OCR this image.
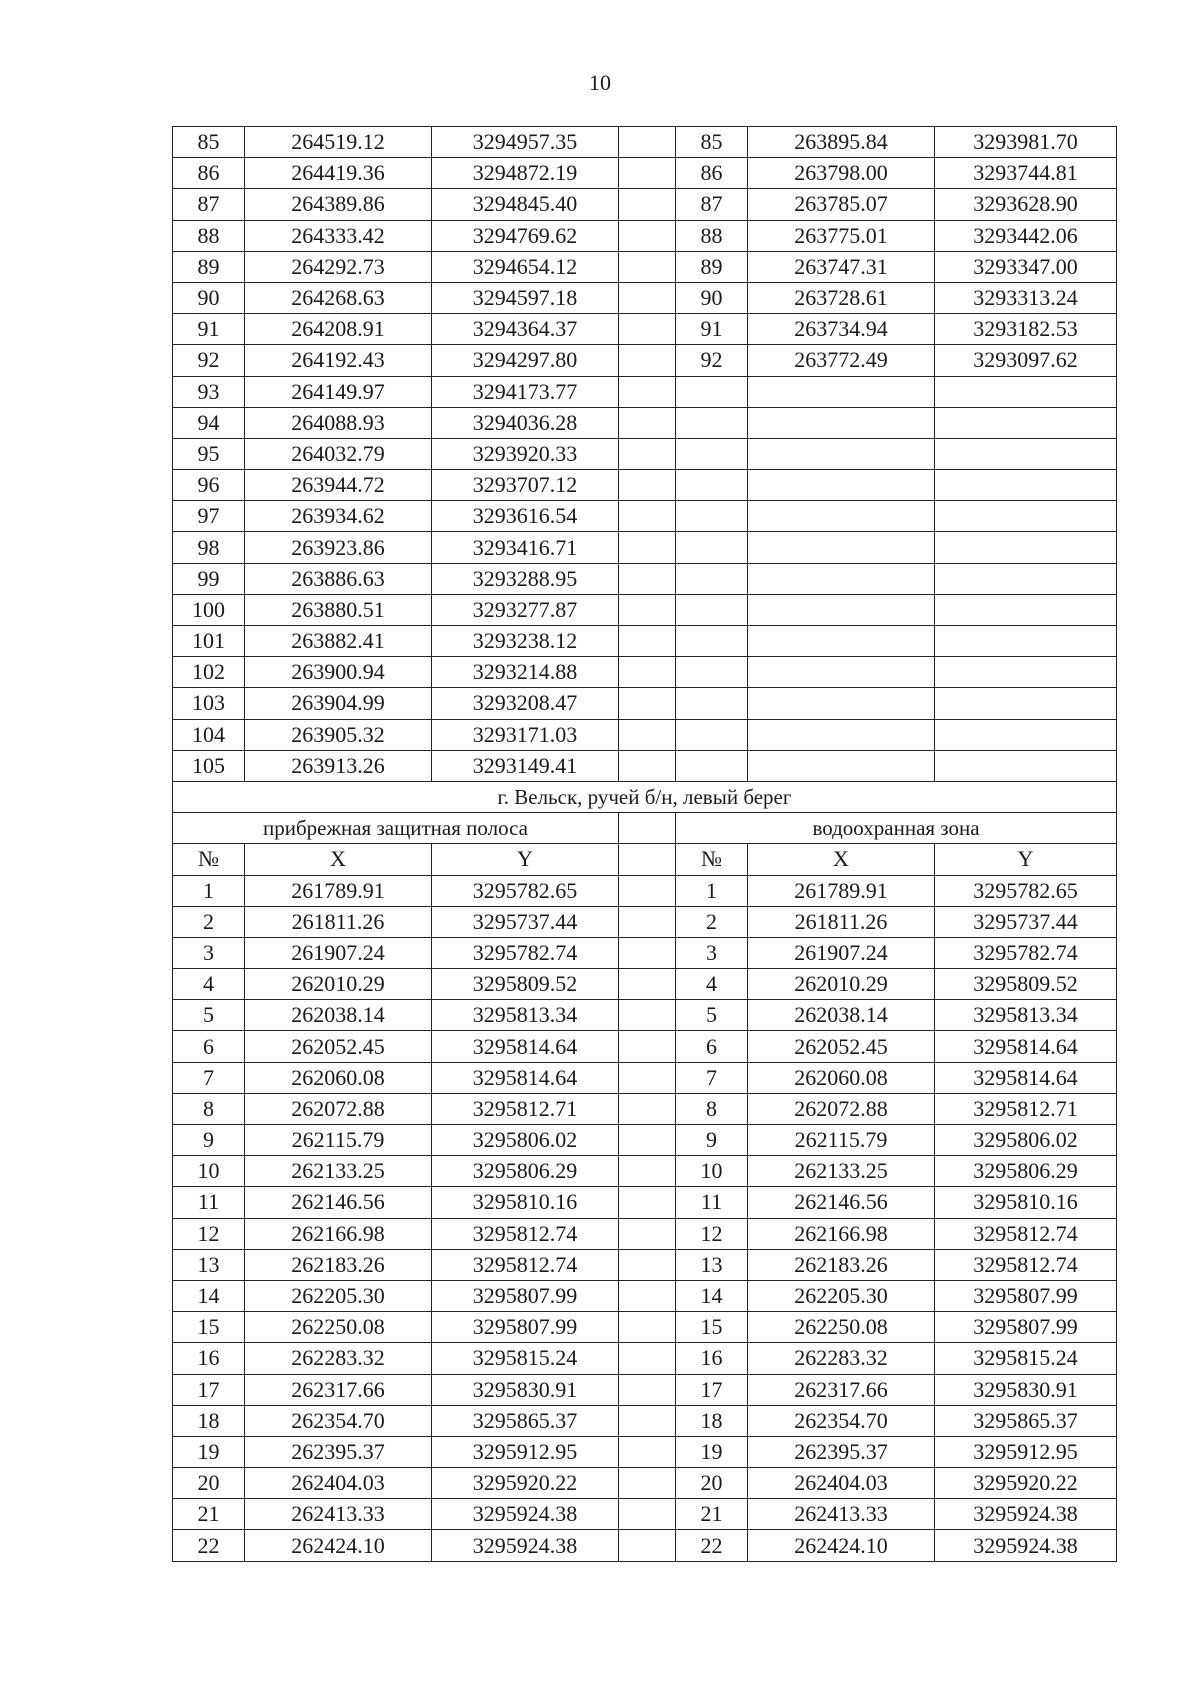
10
85	264519.12	3294957.35		85	263895.84	3293981.70
86	264419.36	3294872.19		86	263798.00	3293744.81
87	264389.86	3294845.40		87	263785.07	3293628.90
88	264333.42	3294769.62		88	263775.01	3293442.06
89	264292.73	3294654.12		89	263747.31	3293347.00
90	264268.63	3294597.18		90	263728.61	3293313.24
91	264208.91	3294364.37		91	263734.94	3293182.53
92	264192.43	3294297.80		92	263772.49	3293097.62
93	264149.97	3294173.77				
94	264088.93	3294036.28				
95	264032.79	3293920.33				
96	263944.72	3293707.12				
97	263934.62	3293616.54				
98	263923.86	3293416.71				
99	263886.63	3293288.95				
100	263880.51	3293277.87				
101	263882.41	3293238.12				
102	263900.94	3293214.88				
103	263904.99	3293208.47				
104	263905.32	3293171.03				
105	263913.26	3293149.41				
г. Вельск, ручей б/н, левый берег						
прибрежная защитная полоса				водоохранная зона		
№	X	Y		№	X	Y
1	261789.91	3295782.65		1	261789.91	3295782.65
2	261811.26	3295737.44		2	261811.26	3295737.44
3	261907.24	3295782.74		3	261907.24	3295782.74
4	262010.29	3295809.52		4	262010.29	3295809.52
5	262038.14	3295813.34		5	262038.14	3295813.34
6	262052.45	3295814.64		6	262052.45	3295814.64
7	262060.08	3295814.64		7	262060.08	3295814.64
8	262072.88	3295812.71		8	262072.88	3295812.71
9	262115.79	3295806.02		9	262115.79	3295806.02
10	262133.25	3295806.29		10	262133.25	3295806.29
11	262146.56	3295810.16		11	262146.56	3295810.16
12	262166.98	3295812.74		12	262166.98	3295812.74
13	262183.26	3295812.74		13	262183.26	3295812.74
14	262205.30	3295807.99		14	262205.30	3295807.99
15	262250.08	3295807.99		15	262250.08	3295807.99
16	262283.32	3295815.24		16	262283.32	3295815.24
17	262317.66	3295830.91		17	262317.66	3295830.91
18	262354.70	3295865.37		18	262354.70	3295865.37
19	262395.37	3295912.95		19	262395.37	3295912.95
20	262404.03	3295920.22		20	262404.03	3295920.22
21	262413.33	3295924.38		21	262413.33	3295924.38
22	262424.10	3295924.38		22	262424.10	3295924.38
